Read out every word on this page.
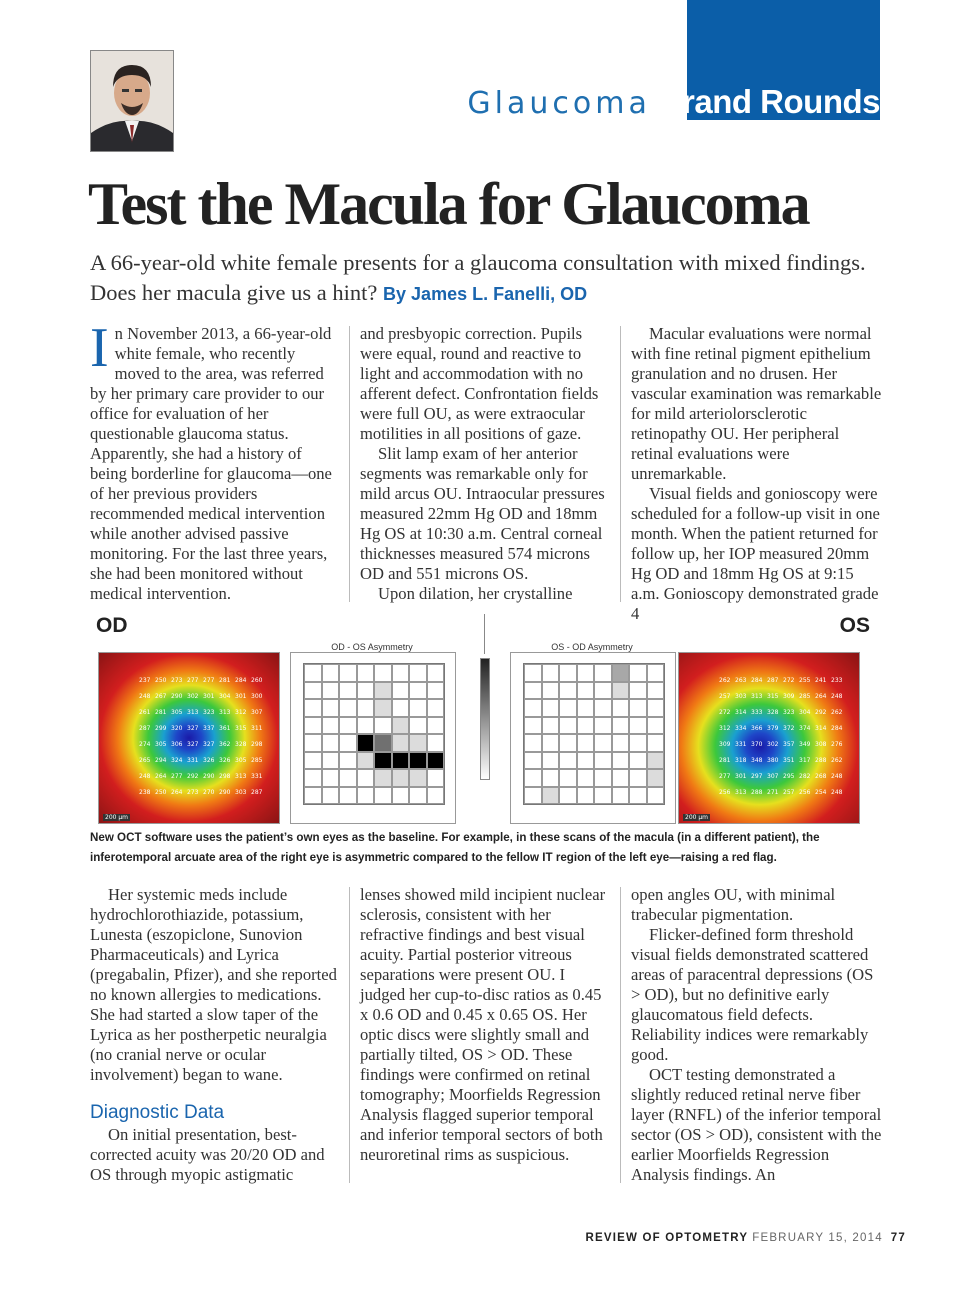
Glaucoma Grand Rounds
Test the Macula for Glaucoma
A 66-year-old white female presents for a glaucoma consultation with mixed findings. Does her macula give us a hint? By James L. Fanelli, OD

In November 2013, a 66-year-old white female, who recently moved to the area, was referred by her primary care provider to our office for evaluation of her questionable glaucoma status. Apparently, she had a history of being borderline for glaucoma—one of her previous providers recommended medical intervention while another advised passive monitoring. For the last three years, she had been monitored without medical intervention.

and presbyopic correction. Pupils were equal, round and reactive to light and accommodation with no afferent defect. Confrontation fields were full OU, as were extraocular motilities in all positions of gaze.

Slit lamp exam of her anterior segments was remarkable only for mild arcus OU. Intraocular pressures measured 22mm Hg OD and 18mm Hg OS at 10:30 a.m. Central corneal thicknesses measured 574 microns OD and 551 microns OS.

Upon dilation, her crystalline

Macular evaluations were normal with fine retinal pigment epithelium granulation and no drusen. Her vascular examination was remarkable for mild arteriolorsclerotic retinopathy OU. Her peripheral retinal evaluations were unremarkable.

Visual fields and gonioscopy were scheduled for a follow-up visit in one month. When the patient returned for follow up, her IOP measured 20mm Hg OD and 18mm Hg OS at 9:15 a.m. Gonioscopy demonstrated grade 4

OD	OS
200 µm
237 250 273 277 277 281 284 260
248 267 290 302 301 304 301 300
261 281 305 313 323 313 312 307
287 299 320 327 337 361 315 311
274 305 306 327 327 362 328 298
265 294 324 331 326 326 305 285
248 264 277 292 290 298 313 331
238 250 264 273 270 290 303 287
OD - OS Asymmetry	OS - OD Asymmetry
200 µm
262 263 284 287 272 255 241 233
257 303 313 315 309 285 264 248
272 314 333 328 323 304 292 262
312 334 366 379 372 374 314 284
309 331 370 302 357 349 308 276
281 318 348 380 351 317 288 262
277 301 297 307 295 282 268 248
256 313 288 271 257 256 254 248
New OCT software uses the patient’s own eyes as the baseline. For example, in these scans of the macula (in a different patient), the inferotemporal arcuate area of the right eye is asymmetric compared to the fellow IT region of the left eye—raising a red flag.

Her systemic meds include hydrochlorothiazide, potassium, Lunesta (eszopiclone, Sunovion Pharmaceuticals) and Lyrica (pregabalin, Pfizer), and she reported no known allergies to medications. She had started a slow taper of the Lyrica as her postherpetic neuralgia (no cranial nerve or ocular involvement) began to wane.

Diagnostic Data

On initial presentation, best-corrected acuity was 20/20 OD and OS through myopic astigmatic

lenses showed mild incipient nuclear sclerosis, consistent with her refractive findings and best visual acuity. Partial posterior vitreous separations were present OU. I judged her cup-to-disc ratios as 0.45 x 0.6 OD and 0.45 x 0.65 OS. Her optic discs were slightly small and partially tilted, OS > OD. These findings were confirmed on retinal tomography; Moorfields Regression Analysis flagged superior temporal and inferior temporal sectors of both neuroretinal rims as suspicious.

open angles OU, with minimal trabecular pigmentation.

Flicker-defined form threshold visual fields demonstrated scattered areas of paracentral depressions (OS > OD), but no definitive early glaucomatous field defects. Reliability indices were remarkably good.

OCT testing demonstrated a slightly reduced retinal nerve fiber layer (RNFL) of the inferior temporal sector (OS > OD), consistent with the earlier Moorfields Regression Analysis findings. An

REVIEW OF OPTOMETRY FEBRUARY 15, 2014 77
